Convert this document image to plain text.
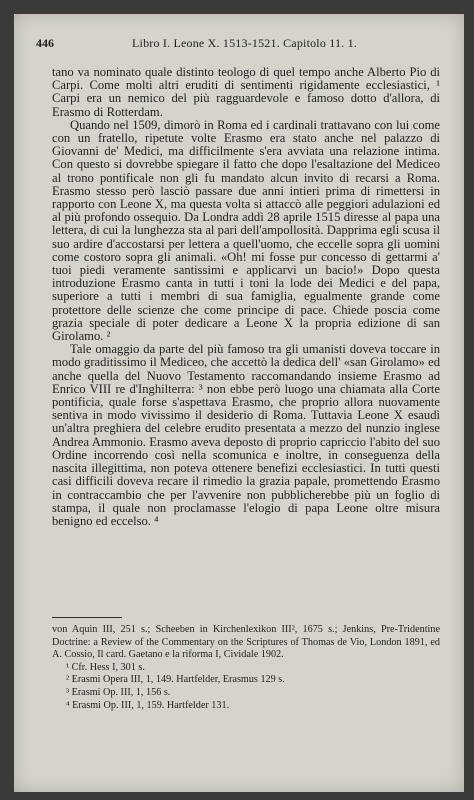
446	Libro I. Leone X. 1513-1521. Capitolo 11. 1.

tano va nominato quale distinto teologo di quel tempo anche Alberto Pio di Carpi. Come molti altri eruditi di sentimenti rigidamente ecclesiastici, ¹ Carpi era un nemico del più ragguardevole e famoso dotto d'allora, di Erasmo di Rotterdam.

Quando nel 1509, dimorò in Roma ed i cardinali trattavano con lui come con un fratello, ripetute volte Erasmo era stato anche nel palazzo di Giovanni de' Medici, ma difficilmente s'era avviata una relazione intima. Con questo si dovrebbe spiegare il fatto che dopo l'esaltazione del Mediceo al trono pontificale non gli fu mandato alcun invito di recarsi a Roma. Erasmo stesso però lasciò passare due anni intieri prima di rimettersi in rapporto con Leone X, ma questa volta si attaccò alle peggiori adulazioni ed al più profondo ossequio. Da Londra addì 28 aprile 1515 diresse al papa una lettera, di cui la lunghezza sta al pari dell'ampollosità. Dapprima egli scusa il suo ardire d'accostarsi per lettera a quell'uomo, che eccelle sopra gli uomini come costoro sopra gli animali. «Oh! mi fosse pur concesso di gettarmi a' tuoi piedi veramente santissimi e applicarvi un bacio!» Dopo questa introduzione Erasmo canta in tutti i toni la lode dei Medici e del papa, superiore a tutti i membri di sua famiglia, egualmente grande come protettore delle scienze che come principe di pace. Chiede poscia come grazia speciale di poter dedicare a Leone X la propria edizione di san Girolamo. ²

Tale omaggio da parte del più famoso tra gli umanisti doveva toccare in modo graditissimo il Mediceo, che accettò la dedica dell' «san Girolamo» ed anche quella del Nuovo Testamento raccomandando insieme Erasmo ad Enrico VIII re d'Inghilterra: ³ non ebbe però luogo una chiamata alla Corte pontificia, quale forse s'aspettava Erasmo, che proprio allora nuovamente sentiva in modo vivissimo il desiderio di Roma. Tuttavia Leone X esaudì un'altra preghiera del celebre erudito presentata a mezzo del nunzio inglese Andrea Ammonio. Erasmo aveva deposto di proprio capriccio l'abito del suo Ordine incorrendo così nella scomunica e inoltre, in conseguenza della nascita illegittima, non poteva ottenere benefizi ecclesiastici. In tutti questi casi difficili doveva recare il rimedio la grazia papale, promettendo Erasmo in contraccambio che per l'avvenire non pubblicherebbe più un foglio di stampa, il quale non proclamasse l'elogio di papa Leone oltre misura benigno ed eccelso. ⁴

von Aquin III, 251 s.; Scheeben in Kirchenlexikon III², 1675 s.; Jenkins, Pre-Tridentine Doctrine: a Review of the Commentary on the Scriptures of Thomas de Vio, London 1891, ed A. Cossio, Il card. Gaetano e la riforma I, Cividale 1902.
¹ Cfr. Hess I, 301 s.
² Erasmi Opera III, 1, 149. Hartfelder, Erasmus 129 s.
³ Erasmi Op. III, 1, 156 s.
⁴ Erasmi Op. III, 1, 159. Hartfelder 131.
